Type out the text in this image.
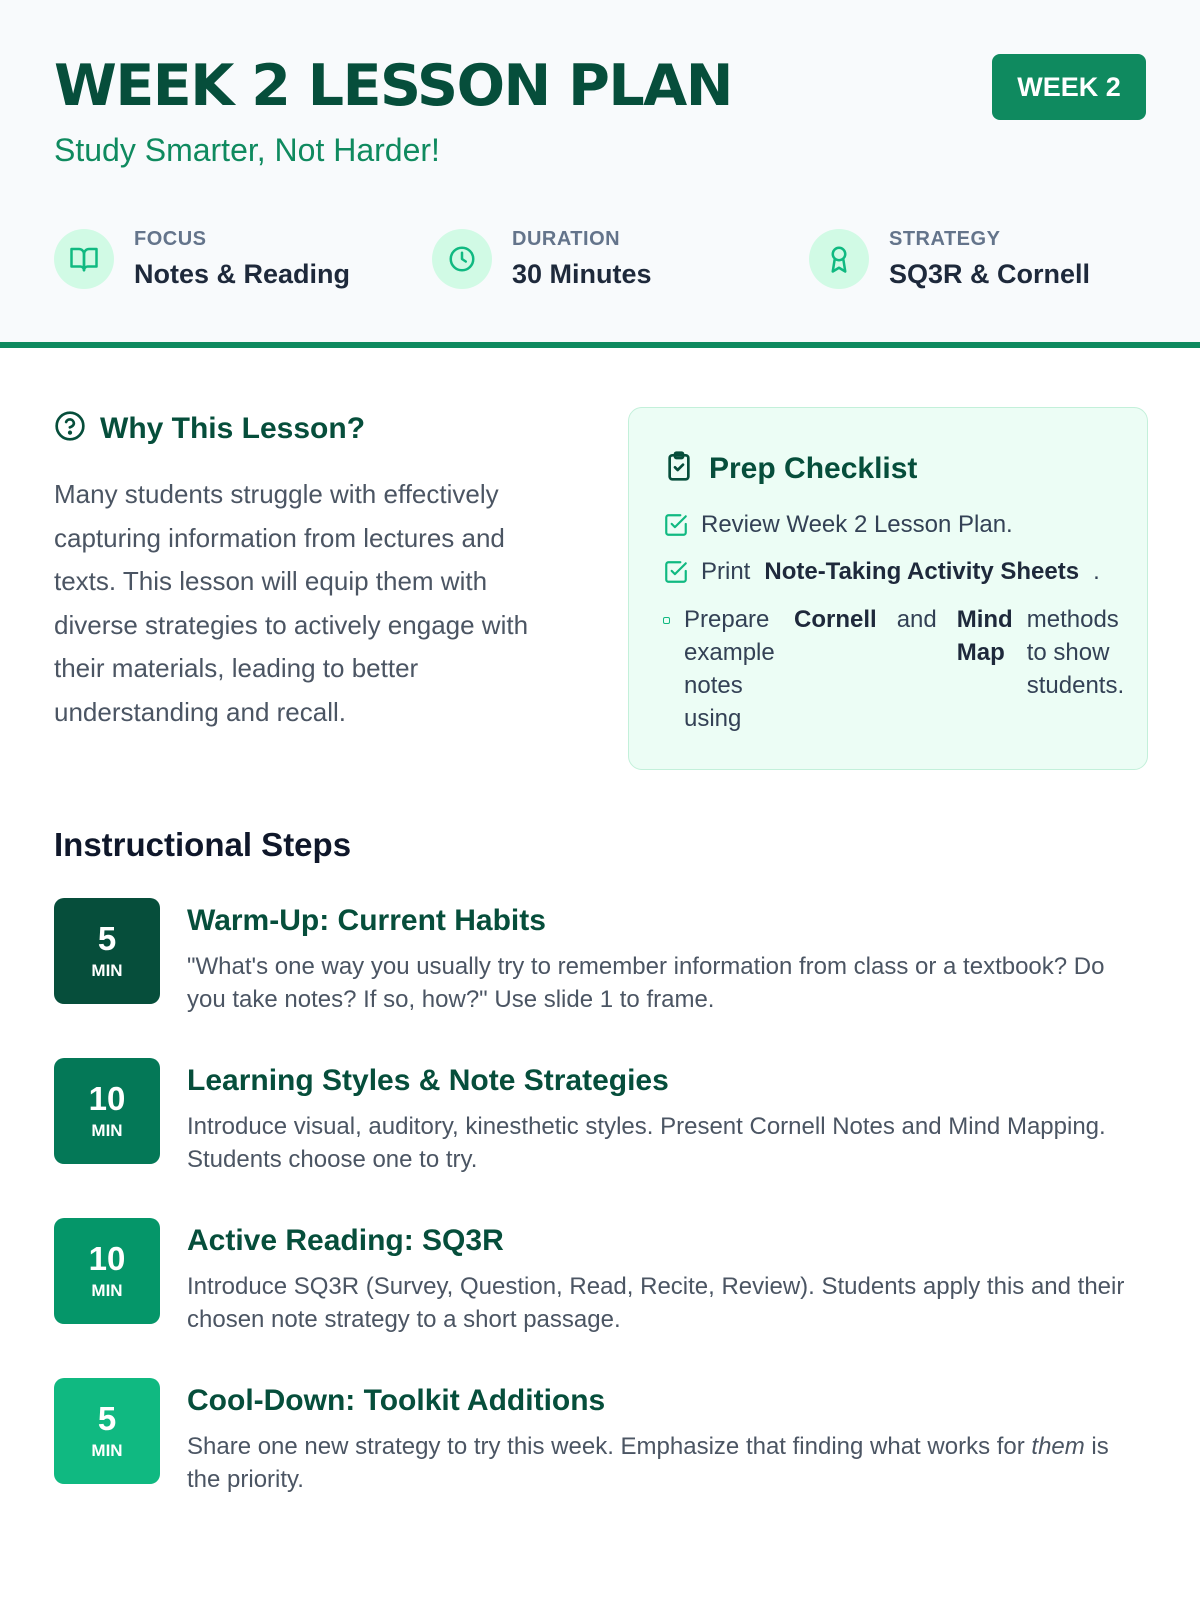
WEEK 2 LESSON PLAN
Study Smarter, Not Harder!
WEEK 2
FOCUS
Notes & Reading
DURATION
30 Minutes
STRATEGY
SQ3R & Cornell
Why This Lesson?

Many students struggle with effectively capturing information from lectures and texts. This lesson will equip them with diverse strategies to actively engage with their materials, leading to better understanding and recall.

Prep Checklist
Review Week 2 Lesson Plan.
Print Note-Taking Activity Sheets .
Prepare example notes using
Cornell and Mind Map
methods to show students.
Instructional Steps
5
MIN
Warm-Up: Current Habits
"What's one way you usually try to remember information from class or a textbook? Do you take notes? If so, how?" Use slide 1 to frame.
10
MIN
Learning Styles & Note Strategies
Introduce visual, auditory, kinesthetic styles. Present Cornell Notes and Mind Mapping. Students choose one to try.
10
MIN
Active Reading: SQ3R
Introduce SQ3R (Survey, Question, Read, Recite, Review). Students apply this and their chosen note strategy to a short passage.
5
MIN
Cool-Down: Toolkit Additions
Share one new strategy to try this week. Emphasize that finding what works for them is the priority.
